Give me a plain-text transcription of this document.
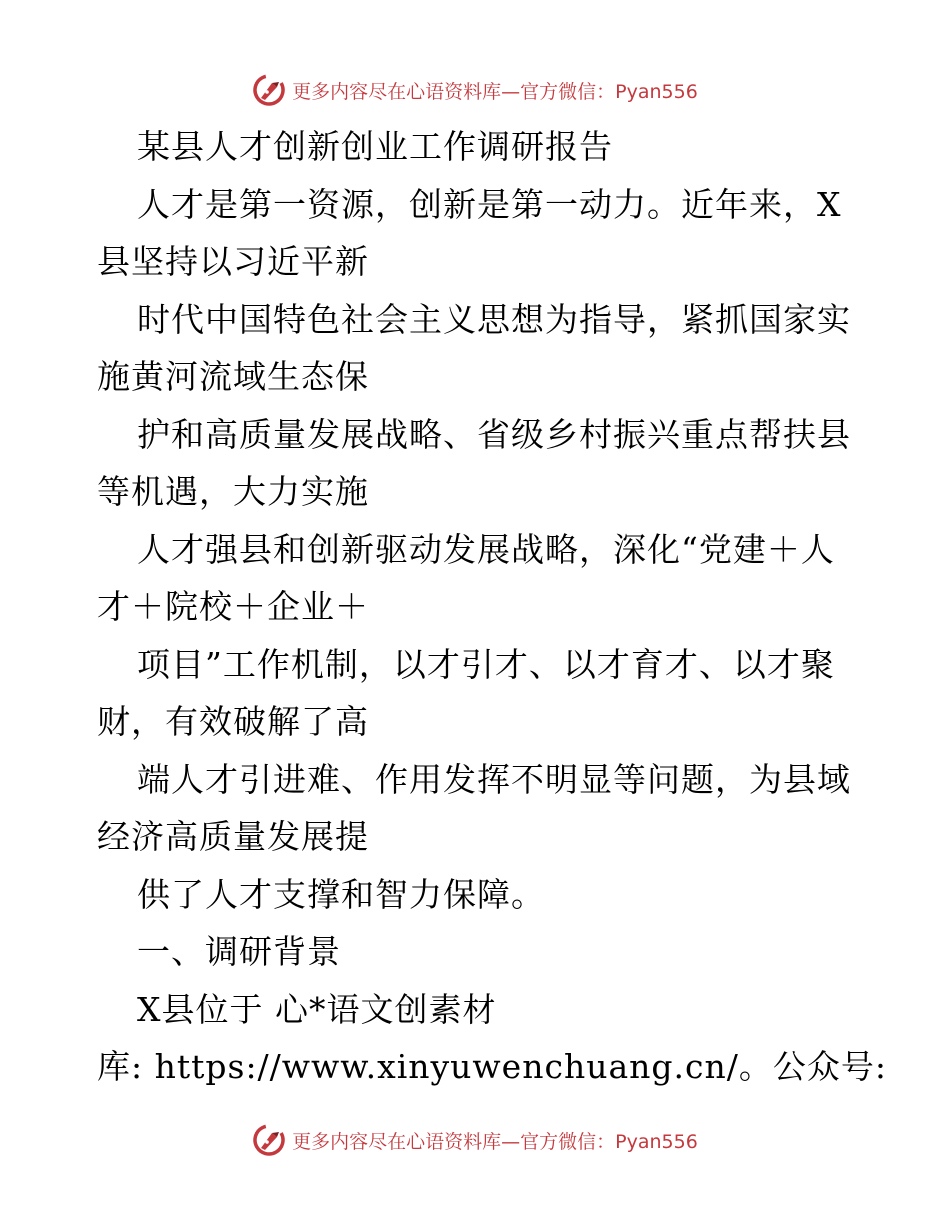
更多内容尽在心语资料库—官方微信：Pyan556
某县人才创新创业工作调研报告
人才是第一资源，创新是第一动力。近年来，X
县坚持以习近平新
时代中国特色社会主义思想为指导，紧抓国家实
施黄河流域生态保
护和高质量发展战略、省级乡村振兴重点帮扶县
等机遇，大力实施
人才强县和创新驱动发展战略，深化“党建＋人
才＋院校＋企业＋
项目”工作机制，以才引才、以才育才、以才聚
财，有效破解了高
端人才引进难、作用发挥不明显等问题，为县域
经济高质量发展提
供了人才支撑和智力保障。
一、调研背景
X县位于 心*语文创素材
库: https://www.xinyuwenchuang.cn/。公众号:
更多内容尽在心语资料库—官方微信：Pyan556
